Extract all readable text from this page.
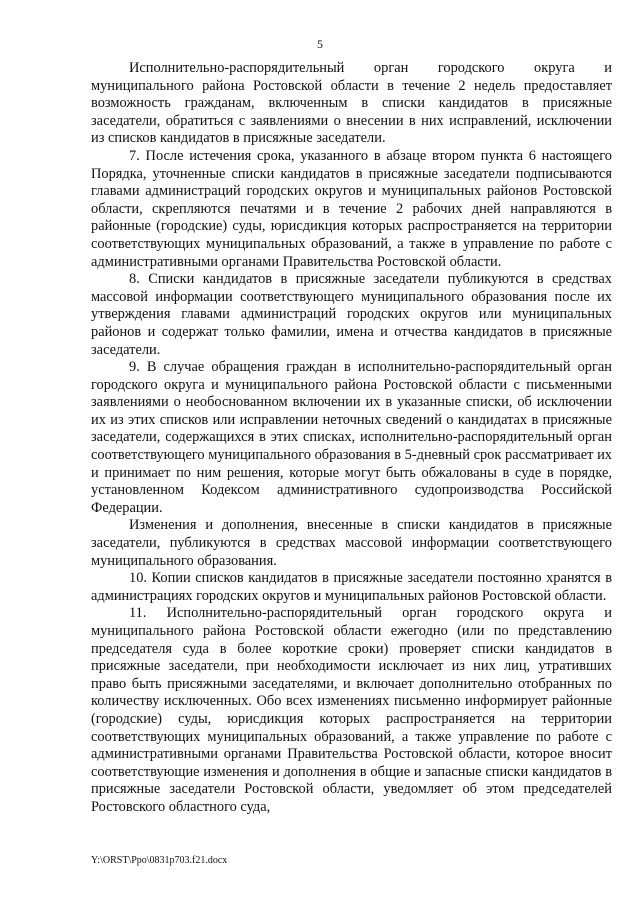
5

Исполнительно-распорядительный орган городского округа и муниципального района Ростовской области в течение 2 недель предоставляет возможность гражданам, включенным в списки кандидатов в присяжные заседатели, обратиться с заявлениями о внесении в них исправлений, исключении из списков кандидатов в присяжные заседатели.

7. После истечения срока, указанного в абзаце втором пункта 6 настоящего Порядка, уточненные списки кандидатов в присяжные заседатели подписываются главами администраций городских округов и муниципальных районов Ростовской области, скрепляются печатями и в течение 2 рабочих дней направляются в районные (городские) суды, юрисдикция которых распространяется на территории соответствующих муниципальных образований, а также в управление по работе с административными органами Правительства Ростовской области.

8. Списки кандидатов в присяжные заседатели публикуются в средствах массовой информации соответствующего муниципального образования после их утверждения главами администраций городских округов или муниципальных районов и содержат только фамилии, имена и отчества кандидатов в присяжные заседатели.

9. В случае обращения граждан в исполнительно-распорядительный орган городского округа и муниципального района Ростовской области с письменными заявлениями о необоснованном включении их в указанные списки, об исключении их из этих списков или исправлении неточных сведений о кандидатах в присяжные заседатели, содержащихся в этих списках, исполнительно-распорядительный орган соответствующего муниципального образования в 5-дневный срок рассматривает их и принимает по ним решения, которые могут быть обжалованы в суде в порядке, установленном Кодексом административного судопроизводства Российской Федерации.

Изменения и дополнения, внесенные в списки кандидатов в присяжные заседатели, публикуются в средствах массовой информации соответствующего муниципального образования.

10. Копии списков кандидатов в присяжные заседатели постоянно хранятся в администрациях городских округов и муниципальных районов Ростовской области.

11. Исполнительно-распорядительный орган городского округа и муниципального района Ростовской области ежегодно (или по представлению председателя суда в более короткие сроки) проверяет списки кандидатов в присяжные заседатели, при необходимости исключает из них лиц, утративших право быть присяжными заседателями, и включает дополнительно отобранных по количеству исключенных. Обо всех изменениях письменно информирует районные (городские) суды, юрисдикция которых распространяется на территории соответствующих муниципальных образований, а также управление по работе с административными органами Правительства Ростовской области, которое вносит соответствующие изменения и дополнения в общие и запасные списки кандидатов в присяжные заседатели Ростовской области, уведомляет об этом председателей Ростовского областного суда,

Y:\ORST\Ppo\0831p703.f21.docx
